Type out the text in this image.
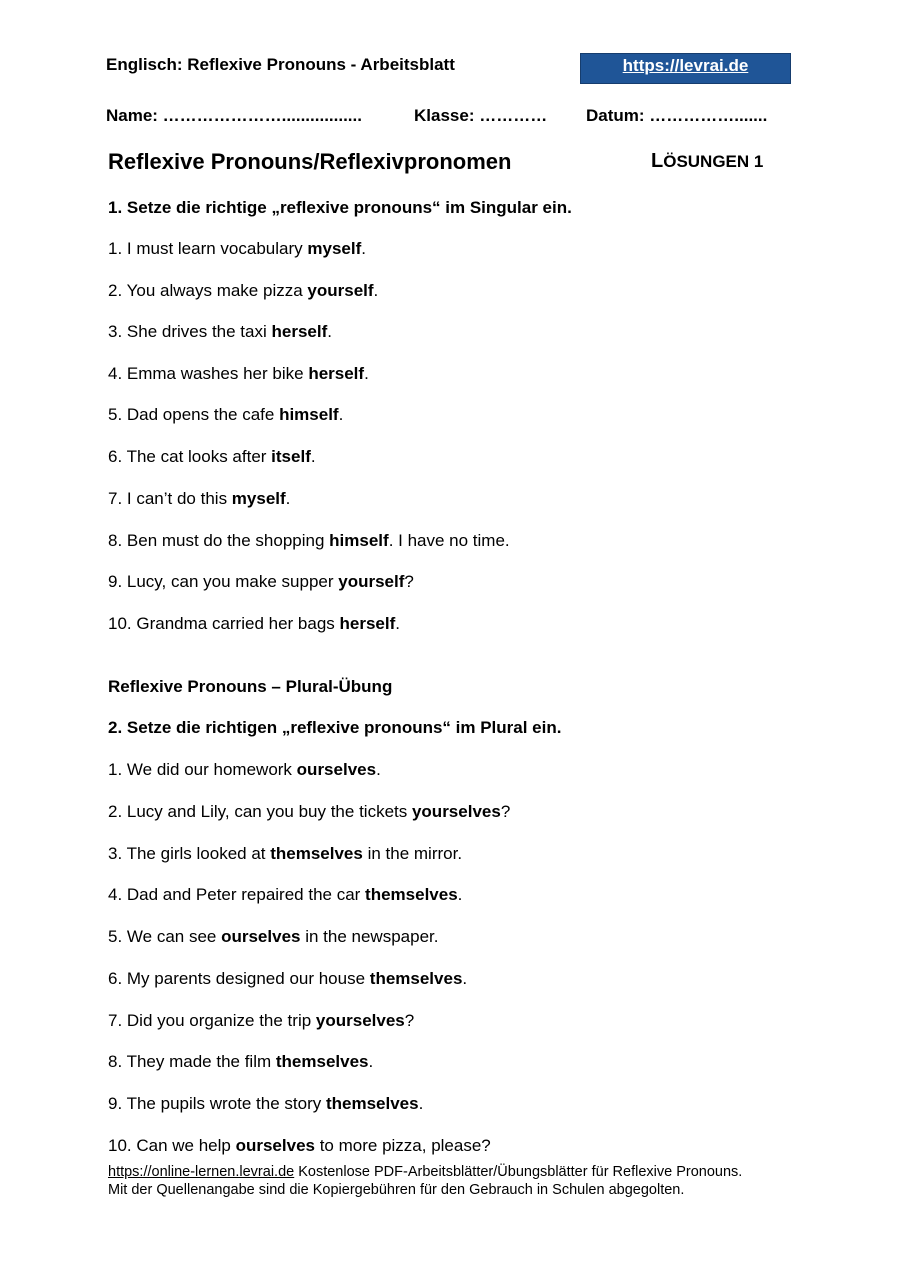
Englisch: Reflexive Pronouns - Arbeitsblatt	https://levrai.de
Name: ………………….................	Klasse: ………… Datum: …………….......
Reflexive Pronouns/Reflexivpronomen	LÖSUNGEN 1
1. Setze die richtige „reflexive pronouns“ im Singular ein.
1. I must learn vocabulary myself.
2. You always make pizza yourself.
3. She drives the taxi herself.
4. Emma washes her bike herself.
5. Dad opens the cafe himself.
6. The cat looks after itself.
7. I can’t do this myself.
8. Ben must do the shopping himself. I have no time.
9. Lucy, can you make supper yourself?
10. Grandma carried her bags herself.
Reflexive Pronouns – Plural-Übung
2. Setze die richtigen „reflexive pronouns“ im Plural ein.
1. We did our homework ourselves.
2. Lucy and Lily, can you buy the tickets yourselves?
3. The girls looked at themselves in the mirror.
4. Dad and Peter repaired the car themselves.
5. We can see ourselves in the newspaper.
6. My parents designed our house themselves.
7. Did you organize the trip yourselves?
8. They made the film themselves.
9. The pupils wrote the story themselves.
10. Can we help ourselves to more pizza, please?
https://online-lernen.levrai.de Kostenlose PDF-Arbeitsblätter/Übungsblätter für Reflexive Pronouns.
Mit der Quellenangabe sind die Kopiergebühren für den Gebrauch in Schulen abgegolten.
